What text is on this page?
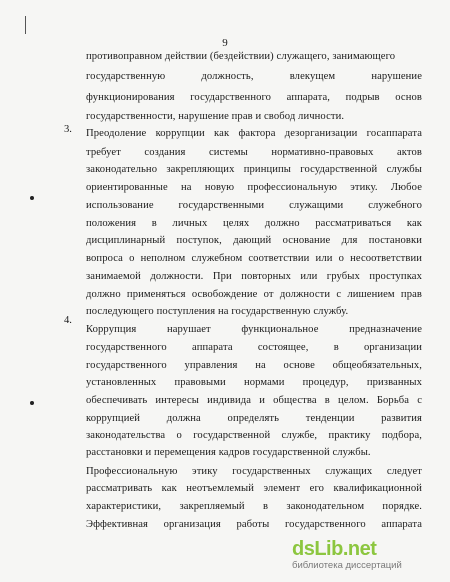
9
3.
4.
противоправном действии (бездействии) служащего, занимающего
государственную должность, влекущем нарушение
функционирования государственного аппарата, подрыв основ
государственности, нарушение прав и свобод личности.
Преодоление коррупции как фактора дезорганизации госаппарата
требует создания системы нормативно-правовых актов
законодательно закрепляющих принципы государственной службы
ориентированные на новую профессиональную этику. Любое
использование государственными служащими служебного
положения в личных целях должно рассматриваться как
дисциплинарный поступок, дающий основание для постановки
вопроса о неполном служебном соответствии или о несоответствии
занимаемой должности. При повторных или грубых проступках
должно применяться освобождение от должности с лишением прав
последующего поступления на государственную службу.
Коррупция нарушает функциональное предназначение
государственного аппарата состоящее, в организации
государственного управления на основе общеобязательных,
установленных правовыми нормами процедур, призванных
обеспечивать интересы индивида и общества в целом. Борьба с
коррупцией должна определять тенденции развития
законодательства о государственной службе, практику подбора,
расстановки и перемещения кадров государственной службы.
Профессиональную этику государственных служащих следует
рассматривать как неотъемлемый элемент его квалификационной
характеристики, закрепляемый в законодательном порядке.
Эффективная организация работы государственного аппарата
dsLib.net
библиотека диссертаций
